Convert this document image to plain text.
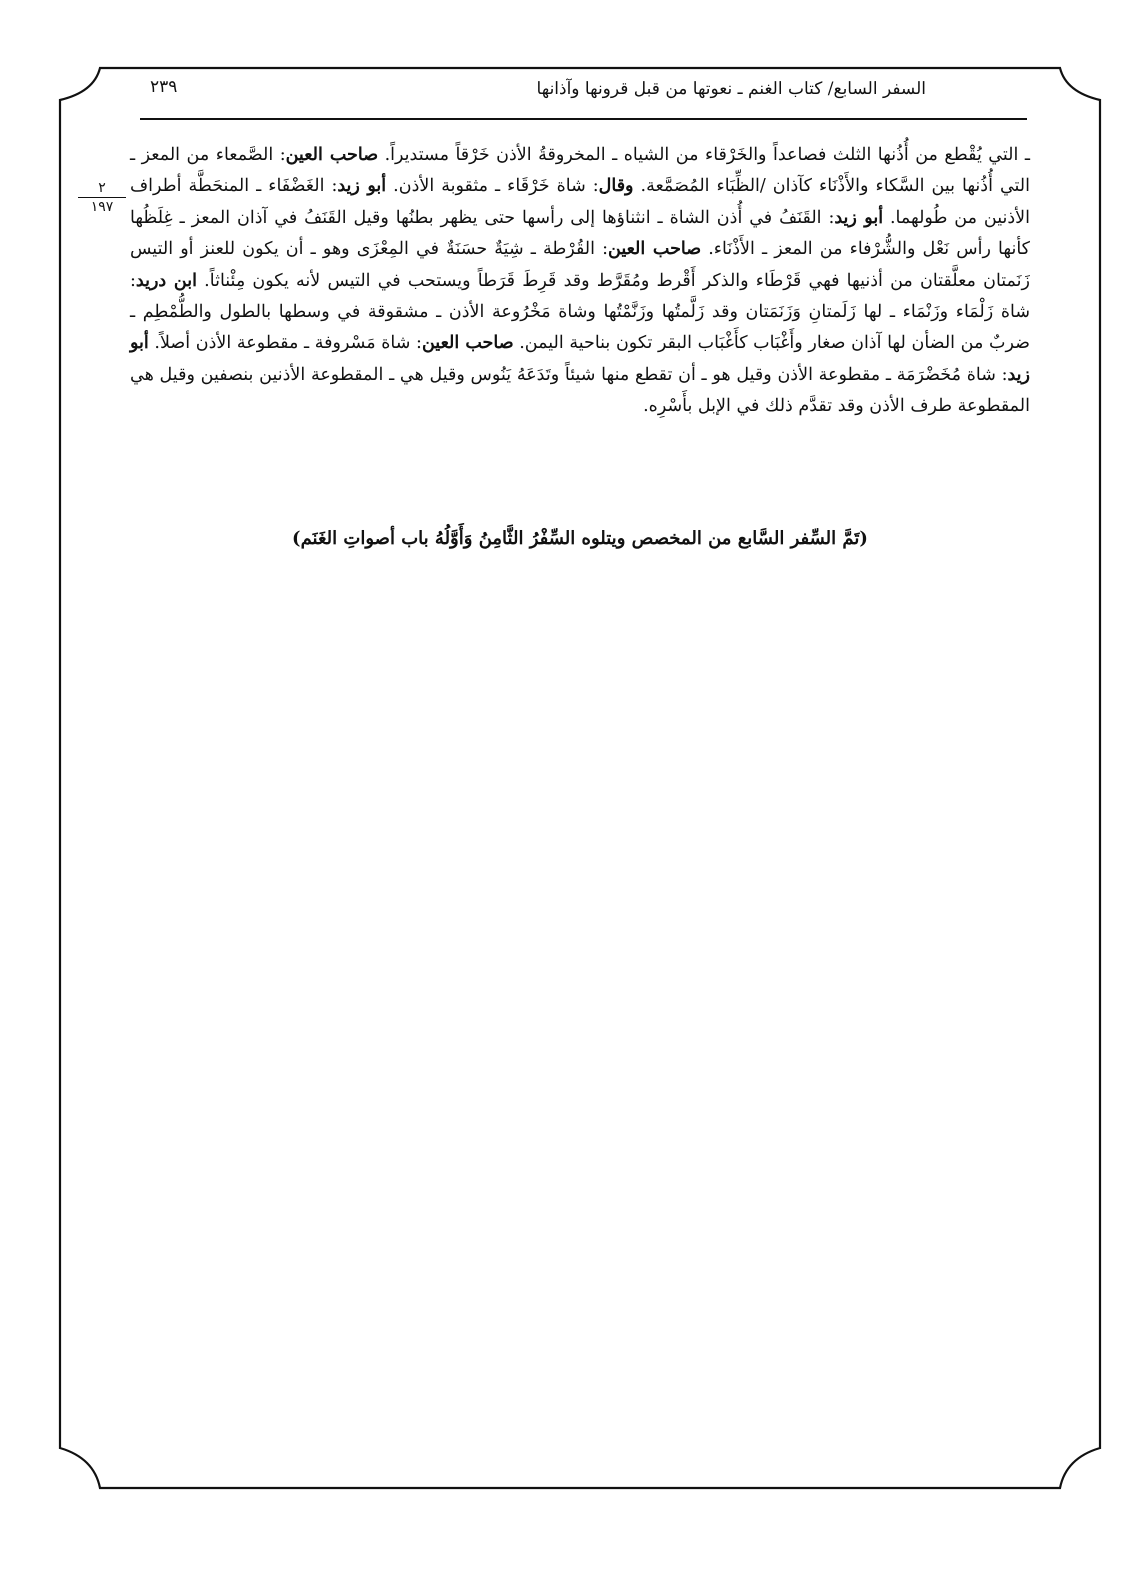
السفر السابع/ كتاب الغنم ـ نعوتها من قبل قرونها وآذانها
٢٣٩
٢
١٩٧

ـ التي يُقْطع من أُذُنها الثلث فصاعداً والخَرْقاء من الشياه ـ المخروقةُ الأذن خَرْقاً مستديراً. صاحب العين: الصَّمعاء من المعز ـ التي أُذُنها بين السَّكاء والأَذْنَاء كآذان /الظِّبَاء المُصَمَّعة. وقال: شاة خَرْقَاء ـ مثقوبة الأذن. أبو زيد: الغَضْفَاء ـ المنحَطَّة أطراف الأذنين من طُولهما. أبو زيد: القَنَفُ في أُذن الشاة ـ انثناؤها إلى رأسها حتى يظهر بطنُها وقيل القَنَفُ في آذان المعز ـ غِلَظُها كأنها رأس نَعْل والشُّرْفاء من المعز ـ الأَذْنَاء. صاحب العين: القُرْطة ـ شِيَةٌ حسَنَةٌ في المِعْزَى وهو ـ أن يكون للعنز أو التيس زَنَمتان معلَّقتان من أذنيها فهي قَرْطَاء والذكر أَقْرط ومُقَرَّط وقد قَرِطَ قَرَطاً ويستحب في التيس لأنه يكون مِئْناثاً. ابن دريد: شاة زَلْمَاء وزَنْمَاء ـ لها زَلَمتانِ وَزَنَمَتان وقد زَلَّمتُها وزَنَّمْتُها وشاة مَخْرُوعة الأذن ـ مشقوقة في وسطها بالطول والطُّمْطِم ـ ضربٌ من الضأن لها آذان صغار وأَغْبَاب كأَغْبَاب البقر تكون بناحية اليمن. صاحب العين: شاة مَسْروفة ـ مقطوعة الأذن أصلاً. أبو زيد: شاة مُخَضْرَمَة ـ مقطوعة الأذن وقيل هو ـ أن تقطع منها شيئاً وتَدَعَهُ يَنُوس وقيل هي ـ المقطوعة الأذنين بنصفين وقيل هي المقطوعة طرف الأذن وقد تقدَّم ذلك في الإبل بأَسْرِه.

(تَمَّ السِّفر السَّابع من المخصص ويتلوه السِّفْرُ الثَّامِنُ وَأَوَّلُهُ باب أصواتِ الغَنَم)
